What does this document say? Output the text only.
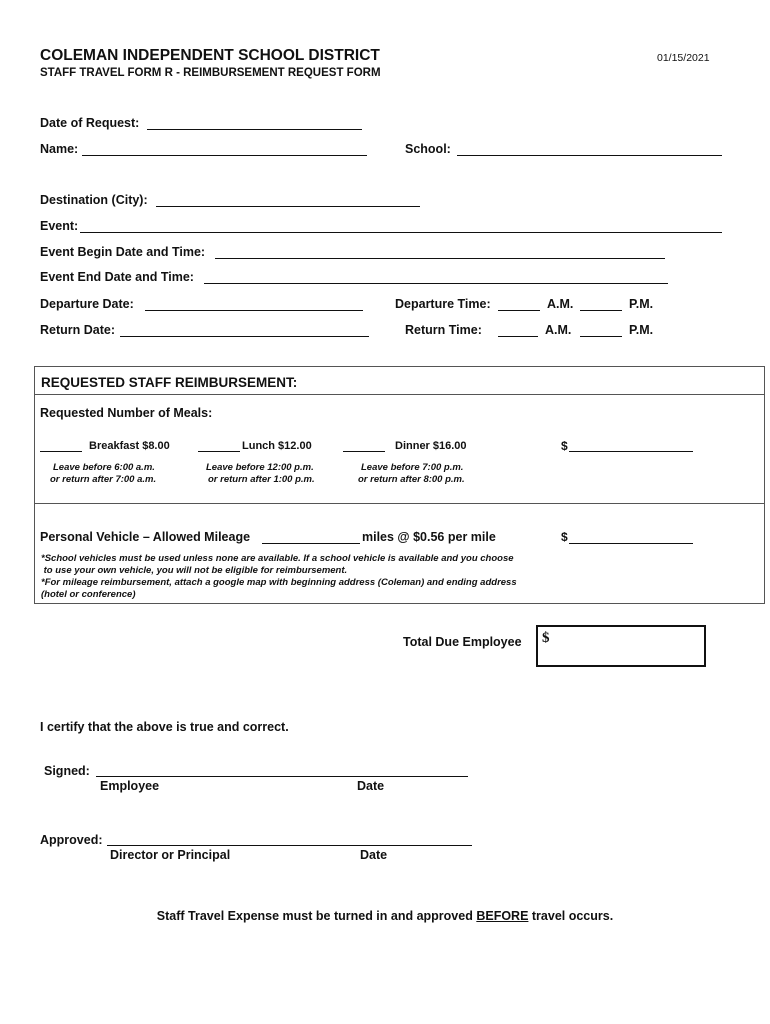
COLEMAN INDEPENDENT SCHOOL DISTRICT	01/15/2021
STAFF TRAVEL FORM R - REIMBURSEMENT REQUEST FORM
Date of Request:
Name:	School:
Destination (City):
Event:
Event Begin Date and Time:
Event End Date and Time:
Departure Date:	Departure Time:	A.M.	P.M.
Return Date:	Return Time:	A.M.	P.M.
REQUESTED STAFF REIMBURSEMENT:
Requested Number of Meals:
Breakfast $8.00	Lunch $12.00	Dinner $16.00	$
Leave before 6:00 a.m.
or return after 7:00 a.m.
Leave before 12:00 p.m.
or return after 1:00 p.m.
Leave before 7:00 p.m.
or return after 8:00 p.m.
Personal Vehicle – Allowed Mileage	miles @ $0.56 per mile	$
*School vehicles must be used unless none are available. If a school vehicle is available and you choose
to use your own vehicle, you will not be eligible for reimbursement.
*For mileage reimbursement, attach a google map with beginning address (Coleman) and ending address
(hotel or conference)
Total Due Employee $
I certify that the above is true and correct.
Signed:
Employee	Date
Approved:
Director or Principal	Date
Staff Travel Expense must be turned in and approved BEFORE travel occurs.
